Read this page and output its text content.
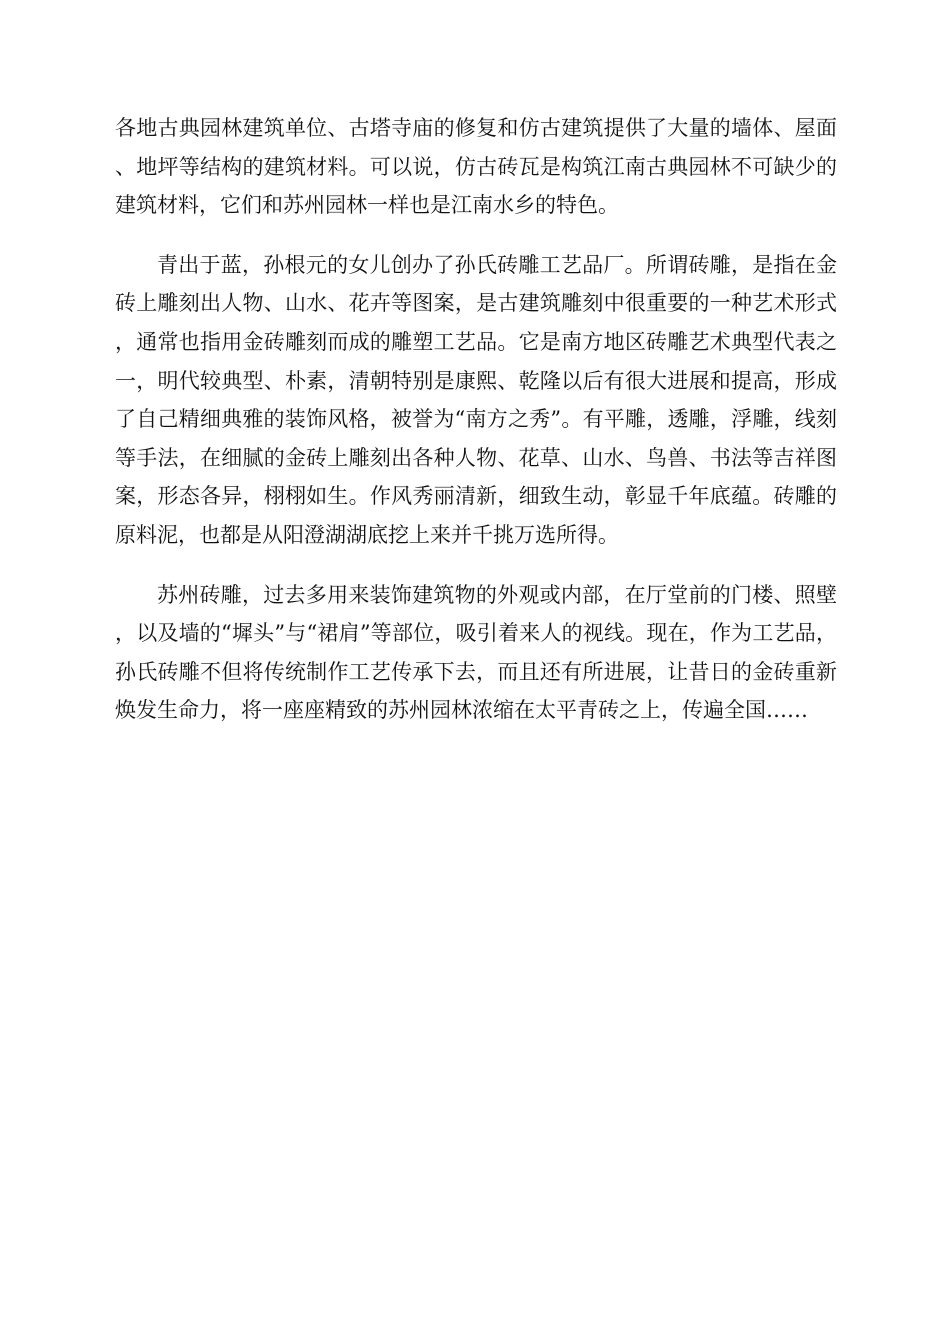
各地古典园林建筑单位、古塔寺庙的修复和仿古建筑提供了大量的墙体、屋面、地坪等结构的建筑材料。可以说，仿古砖瓦是构筑江南古典园林不可缺少的建筑材料，它们和苏州园林一样也是江南水乡的特色。

青出于蓝，孙根元的女儿创办了孙氏砖雕工艺品厂。所谓砖雕，是指在金砖上雕刻出人物、山水、花卉等图案，是古建筑雕刻中很重要的一种艺术形式，通常也指用金砖雕刻而成的雕塑工艺品。它是南方地区砖雕艺术典型代表之一，明代较典型、朴素，清朝特别是康熙、乾隆以后有很大进展和提高，形成了自己精细典雅的装饰风格，被誉为“南方之秀”。有平雕，透雕，浮雕，线刻等手法，在细腻的金砖上雕刻出各种人物、花草、山水、鸟兽、书法等吉祥图案，形态各异，栩栩如生。作风秀丽清新，细致生动，彰显千年底蕴。砖雕的原料泥，也都是从阳澄湖湖底挖上来并千挑万选所得。

苏州砖雕，过去多用来装饰建筑物的外观或内部，在厅堂前的门楼、照壁，以及墙的“墀头”与“裙肩”等部位，吸引着来人的视线。现在，作为工艺品，孙氏砖雕不但将传统制作工艺传承下去，而且还有所进展，让昔日的金砖重新焕发生命力，将一座座精致的苏州园林浓缩在太平青砖之上，传遍全国……
